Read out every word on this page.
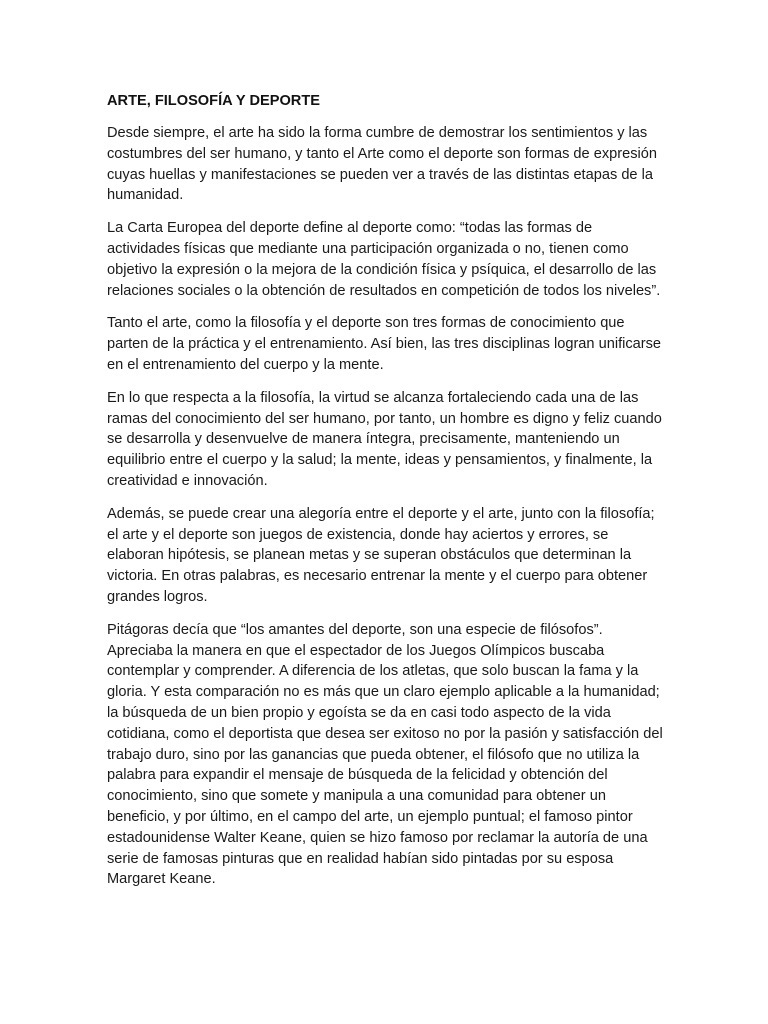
ARTE, FILOSOFÍA Y DEPORTE

Desde siempre, el arte ha sido la forma cumbre de demostrar los sentimientos y las costumbres del ser humano, y tanto el Arte como el deporte son formas de expresión cuyas huellas y manifestaciones se pueden ver a través de las distintas etapas de la humanidad.

La Carta Europea del deporte define al deporte como: “todas las formas de actividades físicas que mediante una participación organizada o no, tienen como objetivo la expresión o la mejora de la condición física y psíquica, el desarrollo de las relaciones sociales o la obtención de resultados en competición de todos los niveles”.

Tanto el arte, como la filosofía y el deporte son tres formas de conocimiento que parten de la práctica y el entrenamiento. Así bien, las tres disciplinas logran unificarse en el entrenamiento del cuerpo y la mente.

En lo que respecta a la filosofía, la virtud se alcanza fortaleciendo cada una de las ramas del conocimiento del ser humano, por tanto, un hombre es digno y feliz cuando se desarrolla y desenvuelve de manera íntegra, precisamente, manteniendo un equilibrio entre el cuerpo y la salud; la mente, ideas y pensamientos, y finalmente, la creatividad e innovación.

Además, se puede crear una alegoría entre el deporte y el arte, junto con la filosofía; el arte y el deporte son juegos de existencia, donde hay aciertos y errores, se elaboran hipótesis, se planean metas y se superan obstáculos que determinan la victoria. En otras palabras, es necesario entrenar la mente y el cuerpo para obtener grandes logros.

Pitágoras decía que “los amantes del deporte, son una especie de filósofos”. Apreciaba la manera en que el espectador de los Juegos Olímpicos buscaba contemplar y comprender. A diferencia de los atletas, que solo buscan la fama y la gloria. Y esta comparación no es más que un claro ejemplo aplicable a la humanidad; la búsqueda de un bien propio y egoísta se da en casi todo aspecto de la vida cotidiana, como el deportista que desea ser exitoso no por la pasión y satisfacción del trabajo duro, sino por las ganancias que pueda obtener, el filósofo que no utiliza la palabra para expandir el mensaje de búsqueda de la felicidad y obtención del conocimiento, sino que somete y manipula a una comunidad para obtener un beneficio, y por último, en el campo del arte, un ejemplo puntual; el famoso pintor estadounidense Walter Keane, quien se hizo famoso por reclamar la autoría de una serie de famosas pinturas que en realidad habían sido pintadas por su esposa Margaret Keane.
